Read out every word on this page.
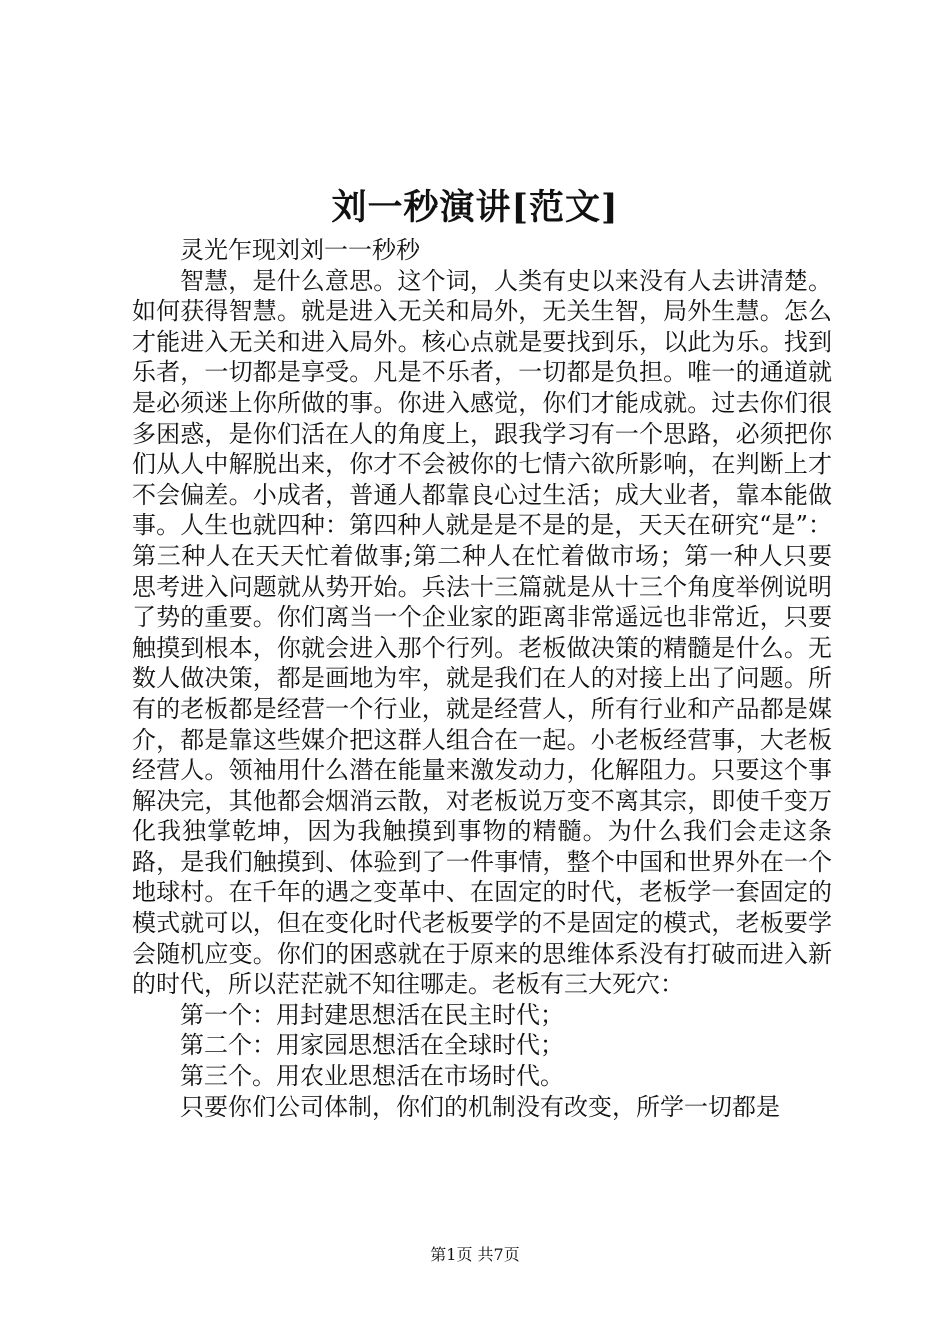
刘一秒演讲[范文]

灵光乍现刘刘一一秒秒

智慧，是什么意思。这个词，人类有史以来没有人去讲清楚。如何获得智慧。就是进入无关和局外，无关生智，局外生慧。怎么才能进入无关和进入局外。核心点就是要找到乐，以此为乐。找到乐者，一切都是享受。凡是不乐者，一切都是负担。唯一的通道就是必须迷上你所做的事。你进入感觉，你们才能成就。过去你们很多困惑，是你们活在人的角度上，跟我学习有一个思路，必须把你们从人中解脱出来，你才不会被你的七情六欲所影响，在判断上才不会偏差。小成者，普通人都靠良心过生活；成大业者，靠本能做事。人生也就四种：第四种人就是是不是的是，天天在研究“是”：第三种人在天天忙着做事;第二种人在忙着做市场；第一种人只要思考进入问题就从势开始。兵法十三篇就是从十三个角度举例说明了势的重要。你们离当一个企业家的距离非常遥远也非常近，只要触摸到根本，你就会进入那个行列。老板做决策的精髓是什么。无数人做决策，都是画地为牢，就是我们在人的对接上出了问题。所有的老板都是经营一个行业，就是经营人，所有行业和产品都是媒介，都是靠这些媒介把这群人组合在一起。小老板经营事，大老板经营人。领袖用什么潜在能量来激发动力，化解阻力。只要这个事解决完，其他都会烟消云散，对老板说万变不离其宗，即使千变万化我独掌乾坤，因为我触摸到事物的精髓。为什么我们会走这条路，是我们触摸到、体验到了一件事情，整个中国和世界外在一个地球村。在千年的遇之变革中、在固定的时代，老板学一套固定的模式就可以，但在变化时代老板要学的不是固定的模式，老板要学会随机应变。你们的困惑就在于原来的思维体系没有打破而进入新的时代，所以茫茫就不知往哪走。老板有三大死穴：

第一个：用封建思想活在民主时代；

第二个：用家园思想活在全球时代；

第三个。用农业思想活在市场时代。

只要你们公司体制，你们的机制没有改变，所学一切都是

第1页 共7页
